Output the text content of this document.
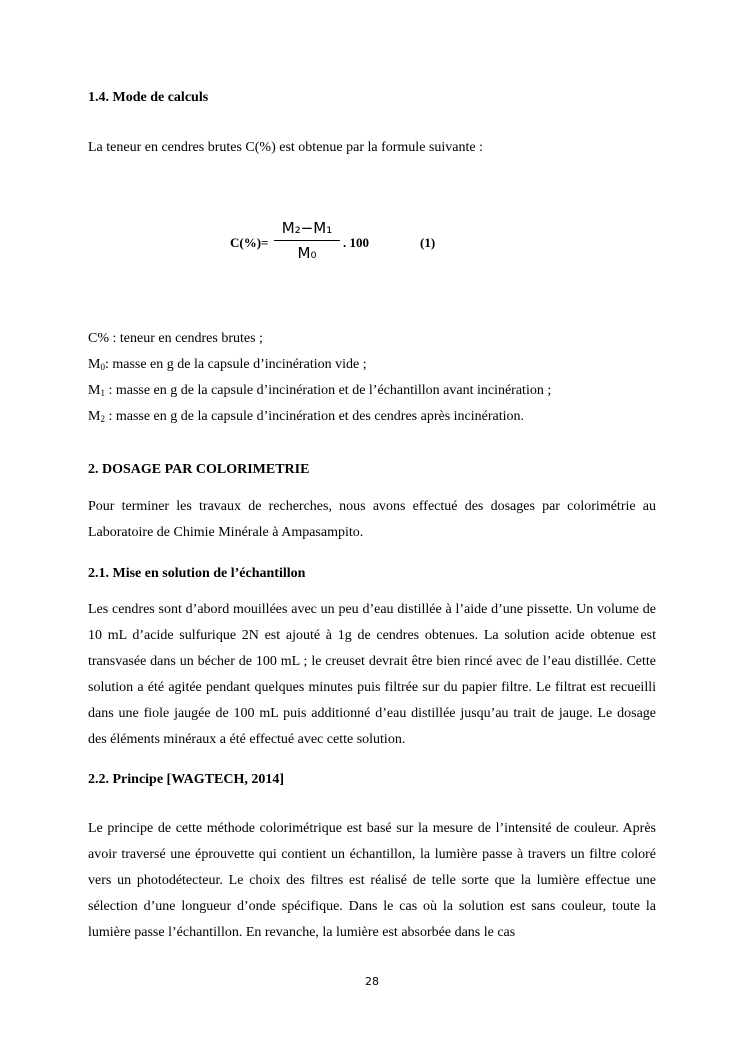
1.4. Mode de calculs

La teneur en cendres brutes C(%) est obtenue par la formule suivante :

$C(\%)= \frac{\text{M₂−M₁}}{\text{M₀}}$ . 100	(1)
C% : teneur en cendres brutes ;
$M_0$: masse en g de la capsule d’incinération vide ;
$M_1$ : masse en g de la capsule d’incinération et de l’échantillon avant incinération ;
$M_2$ : masse en g de la capsule d’incinération et des cendres après incinération.

2. DOSAGE PAR COLORIMETRIE

Pour terminer les travaux de recherches, nous avons effectué des dosages par colorimétrie au Laboratoire de Chimie Minérale à Ampasampito.

2.1. Mise en solution de l’échantillon

Les cendres sont d’abord mouillées avec un peu d’eau distillée à l’aide d’une pissette. Un volume de 10 mL d’acide sulfurique 2N est ajouté à 1g de cendres obtenues. La solution acide obtenue est transvasée dans un bécher de 100 mL ; le creuset devrait être bien rincé avec de l’eau distillée. Cette solution a été agitée pendant quelques minutes puis filtrée sur du papier filtre. Le filtrat est recueilli dans une fiole jaugée de 100 mL puis additionné d’eau distillée jusqu’au trait de jauge. Le dosage des éléments minéraux a été effectué avec cette solution.

2.2. Principe [WAGTECH, 2014]

Le principe de cette méthode colorimétrique est basé sur la mesure de l’intensité de couleur. Après avoir traversé une éprouvette qui contient un échantillon, la lumière passe à travers un filtre coloré vers un photodétecteur. Le choix des filtres est réalisé de telle sorte que la lumière effectue une sélection d’une longueur d’onde spécifique. Dans le cas où la solution est sans couleur, toute la lumière passe l’échantillon. En revanche, la lumière est absorbée dans le cas

28
